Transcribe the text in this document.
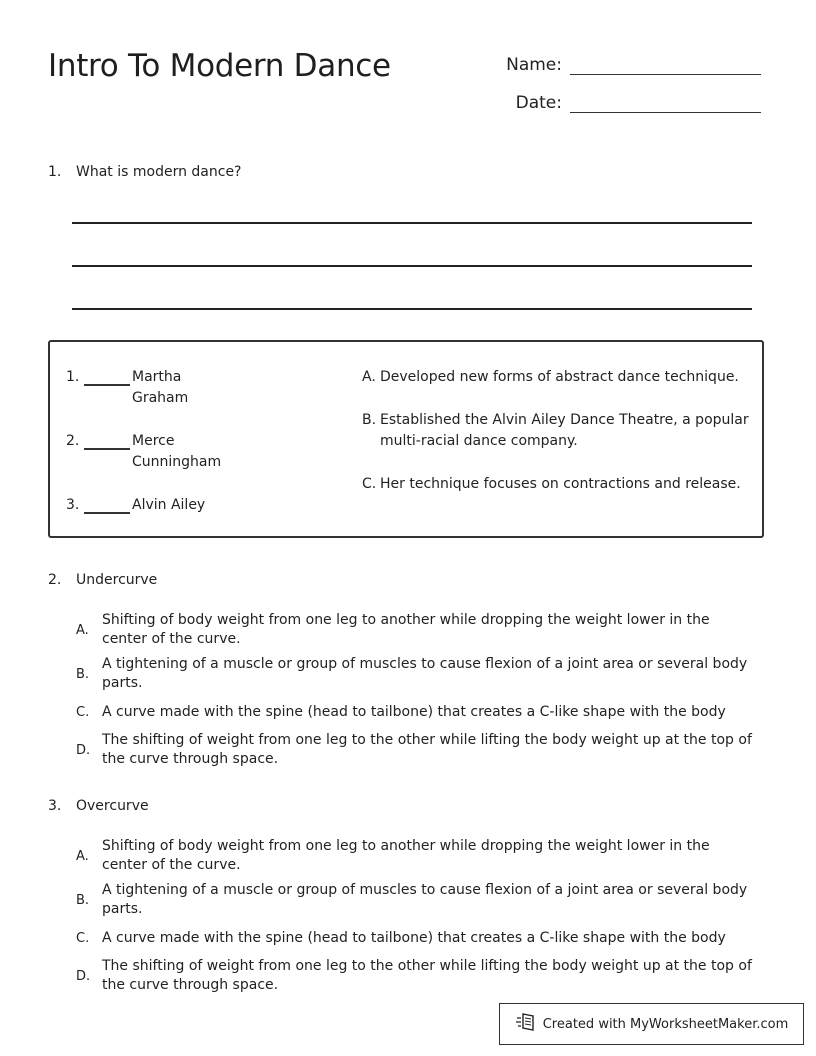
Intro To Modern Dance	Name:
Date:
1. What is modern dance?
1.	Martha Graham
2.	Merce Cunningham
3.	Alvin Ailey
A. Developed new forms of abstract dance technique.
B. Established the Alvin Ailey Dance Theatre, a popular multi-racial dance company.
C. Her technique focuses on contractions and release.
2. Undercurve
A.
Shifting of body weight from one leg to another while dropping the weight lower in the center of the curve.
B.
A tightening of a muscle or group of muscles to cause flexion of a joint area or several body parts.
C. A curve made with the spine (head to tailbone) that creates a C-like shape with the body
D.
The shifting of weight from one leg to the other while lifting the body weight up at the top of the curve through space.
3. Overcurve
A.
Shifting of body weight from one leg to another while dropping the weight lower in the center of the curve.
B.
A tightening of a muscle or group of muscles to cause flexion of a joint area or several body parts.
C. A curve made with the spine (head to tailbone) that creates a C-like shape with the body
D.
The shifting of weight from one leg to the other while lifting the body weight up at the top of the curve through space.
Created with MyWorksheetMaker.com
